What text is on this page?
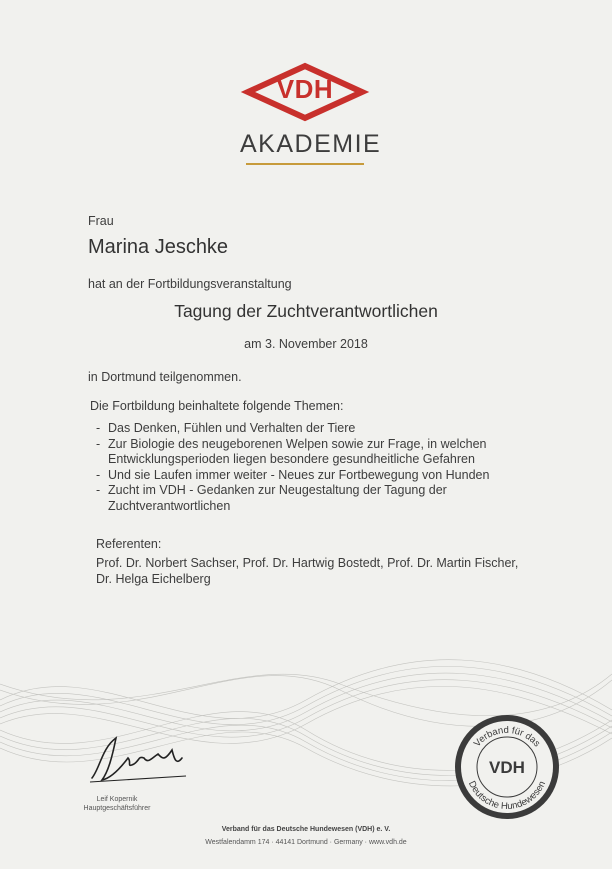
VDH
AKADEMIE
Frau
Marina Jeschke
hat an der Fortbildungsveranstaltung
Tagung der Zuchtverantwortlichen
am 3. November 2018
in Dortmund teilgenommen.
Die Fortbildung beinhaltete folgende Themen:
- Das Denken, Fühlen und Verhalten der Tiere
- Zur Biologie des neugeborenen Welpen sowie zur Frage, in welchen Entwicklungsperioden liegen besondere gesundheitliche Gefahren
- Und sie Laufen immer weiter - Neues zur Fortbewegung von Hunden
- Zucht im VDH - Gedanken zur Neugestaltung der Tagung der Zuchtverantwortlichen
Referenten:
Prof. Dr. Norbert Sachser, Prof. Dr. Hartwig Bostedt, Prof. Dr. Martin Fischer, Dr. Helga Eichelberg
Leif Kopernik
Hauptgeschäftsführer
Verband für das
VDH
Deutsche Hundewesen
Verband für das Deutsche Hundewesen (VDH) e. V.
Westfalendamm 174 · 44141 Dortmund · Germany · www.vdh.de
